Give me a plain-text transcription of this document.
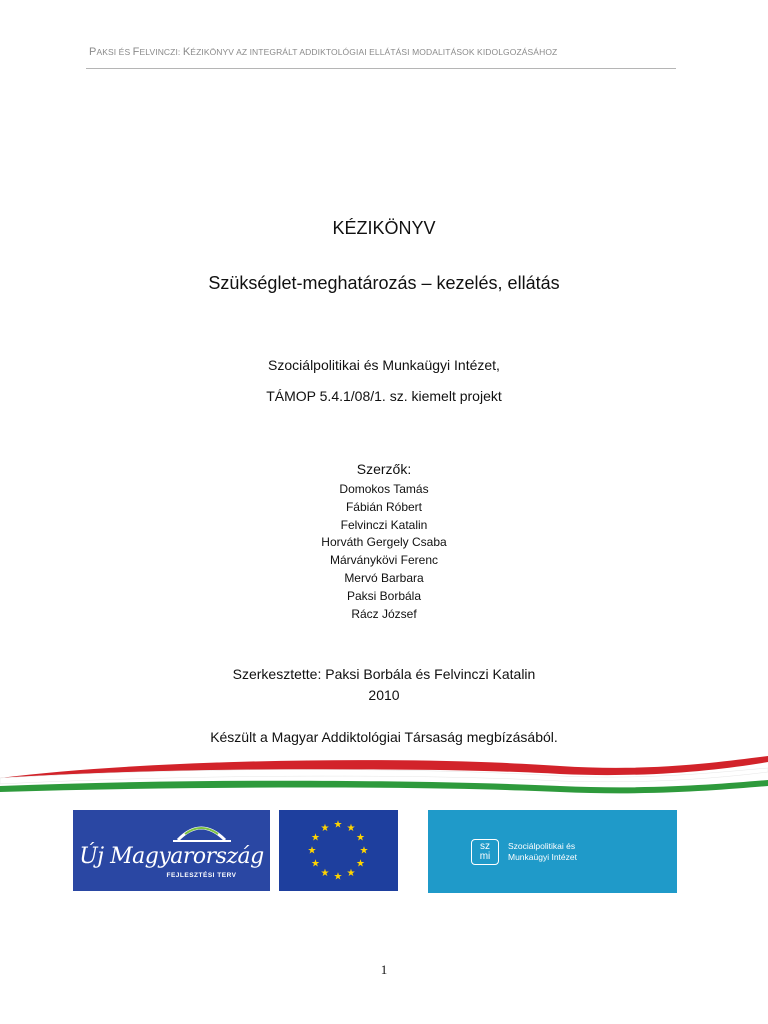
PAKSI ÉS FELVINCZI: KÉZIKÖNYV AZ INTEGRÁLT ADDIKTOLÓGIAI ELLÁTÁSI MODALITÁSOK KIDOLGOZÁSÁHOZ
KÉZIKÖNYV
Szükséglet-meghatározás – kezelés, ellátás
Szociálpolitikai és Munkaügyi Intézet,
TÁMOP 5.4.1/08/1. sz. kiemelt projekt
Szerzők:
Domokos Tamás
Fábián Róbert
Felvinczi Katalin
Horváth Gergely Csaba
Márványkövi Ferenc
Mervó Barbara
Paksi Borbála
Rácz József
Szerkesztette: Paksi Borbála és Felvinczi Katalin
2010
Készült a Magyar Addiktológiai Társaság megbízásából.
Új Magyarország
FEJLESZTÉSI TERV
★ ★
★
★
★
★
★
★
★
★
★
★
sz
mi
Szociálpolitikai és
Munkaügyi Intézet
1
